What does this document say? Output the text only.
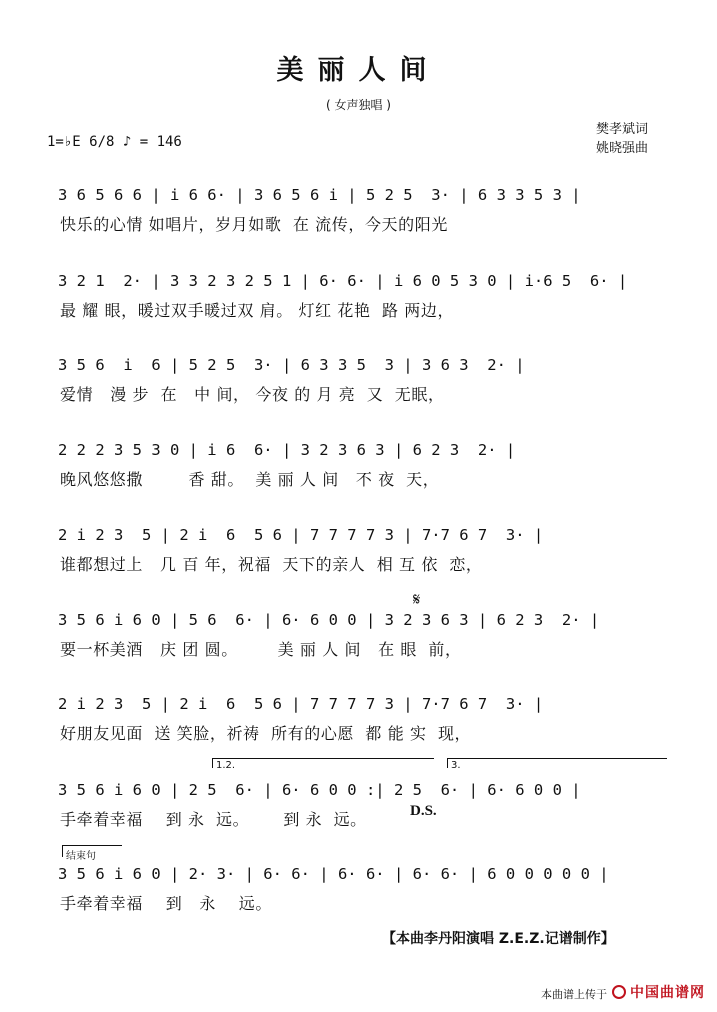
美丽人间
( 女声独唱 )
1=♭E 6/8 ♪ = 146
樊孝斌词
姚晓强曲
3 6 5 6 6 | i 6 6· | 3 6 5 6 i | 5 2 5  3· | 6 3 3 5 3 |
快乐的心情 如唱片，岁月如歌  在 流传，今天的阳光
3 2 1  2· | 3 3 2 3 2 5 1 | 6· 6· | i 6 0 5 3 0 | i·6 5  6· |
最 耀 眼，暖过双手暖过双 肩。 灯红 花艳  路 两边，
3 5 6  i  6 | 5 2 5  3· | 6 3 3 5  3 | 3 6 3  2· |
爱情   漫 步  在   中 间， 今夜 的 月 亮  又  无眠，
2 2 2 3 5 3 0 | i 6  6· | 3 2 3 6 3 | 6 2 3  2· |
晚风悠悠撒        香 甜。  美 丽 人 间   不 夜  天，
2 i 2 3  5 | 2 i  6  5 6 | 7 7 7 7 3 | 7·7 6 7  3· |
谁都想过上   几 百 年，祝福  天下的亲人  相 互 依  恋，
𝄋
3 5 6 i 6 0 | 5 6  6· | 6· 6 0 0 | 3 2 3 6 3 | 6 2 3  2· |
要一杯美酒   庆 团 圆。       美 丽 人 间   在 眼  前，
2 i 2 3  5 | 2 i  6  5 6 | 7 7 7 7 3 | 7·7 6 7  3· |
好朋友见面  送 笑脸，祈祷  所有的心愿  都 能 实  现，
1.2.	3.
3 5 6 i 6 0 | 2 5  6· | 6· 6 0 0 :| 2 5  6· | 6· 6 0 0 |
手牵着幸福    到 永  远。      到 永  远。	D.S.
结束句
3 5 6 i 6 0 | 2· 3· | 6· 6· | 6· 6· | 6· 6· | 6 0 0 0 0 0 |
手牵着幸福    到   永    远。
【本曲李丹阳演唱 Z.E.Z.记谱制作】
本曲谱上传于 中国曲谱网
